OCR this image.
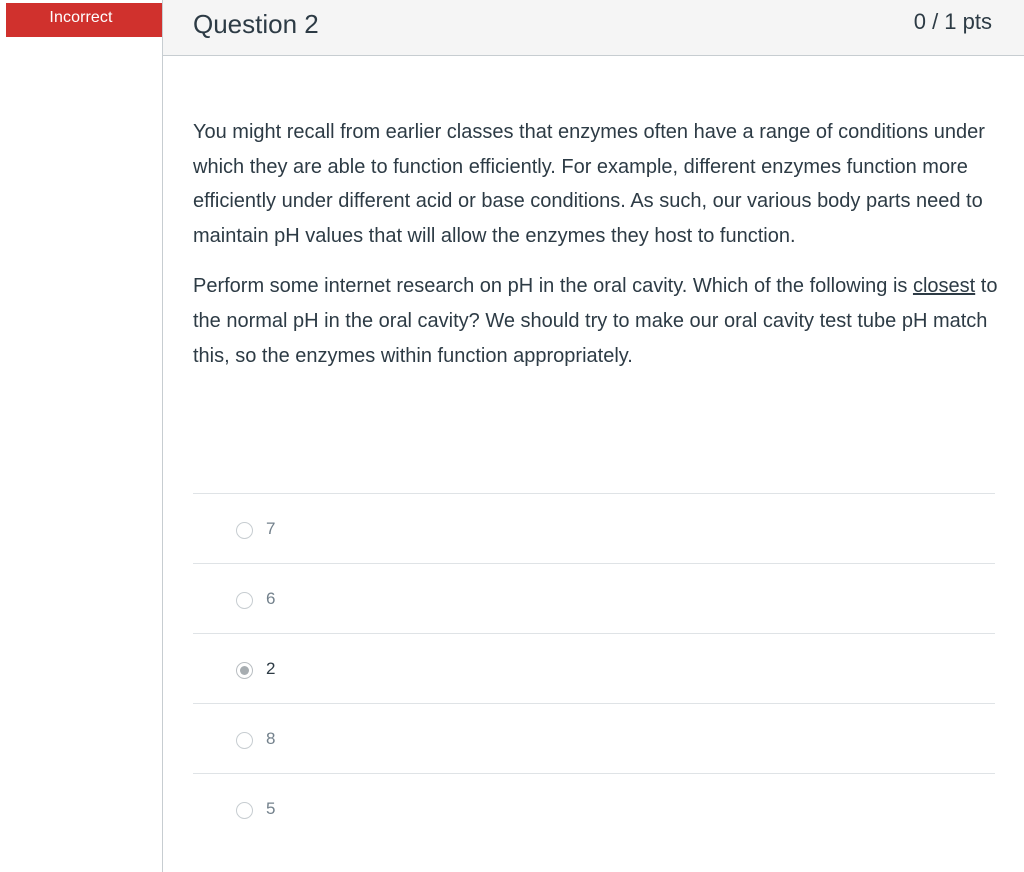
Incorrect	Question 2	0 / 1 pts

You might recall from earlier classes that enzymes often have a range of conditions under which they are able to function efficiently. For example, different enzymes function more efficiently under different acid or base conditions. As such, our various body parts need to maintain pH values that will allow the enzymes they host to function.

Perform some internet research on pH in the oral cavity. Which of the following is closest to the normal pH in the oral cavity? We should try to make our oral cavity test tube pH match this, so the enzymes within function appropriately.

7
6
2
8
5
